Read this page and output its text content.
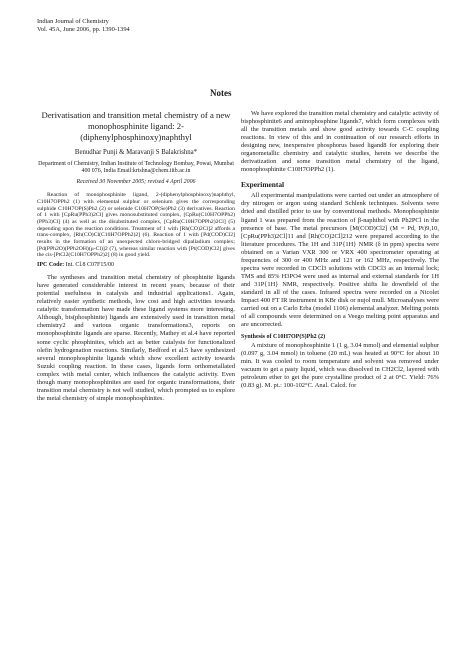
Indian Journal of Chemistry
Vol. 45A, June 2006, pp. 1390-1394
Notes
Derivatisation and transition metal chemistry of a new monophosphinite ligand: 2-(diphenylphosphinoxy)naphthyl
Benudhar Punji & Maravanji S Balakrishna*
Department of Chemistry, Indian Institute of Technology Bombay, Powai, Mumbai 400 076, India Email:krishna@chem.iitb.ac.in
Received 30 November 2005; revised 4 April 2006

Reaction of monophosphinite ligand, 2-(diphenylphosphinoxy)naphthyl, C10H7OPPh2 (1) with elemental sulphur or selenium gives the corresponding sulphide C10H7OP(S)Ph2 (2) or selenide C10H7OP(Se)Ph2 (3) derivatives. Reaction of 1 with [CpRu(PPh3)2Cl] gives monosubstituted complex, [CpRu(C10H7OPPh2)(PPh3)Cl] (4) as well as the disubstituted complex, [CpRu(C10H7OPPh2)2Cl] (5) depending upon the reaction conditions. Treatment of 1 with [Rh(CO)2Cl]2 affords a trans-complex, [Rh(CO)Cl(C10H7OPPh2)2] (6). Reaction of 1 with [Pd(COD)Cl2] results in the formation of an unexpected chloro-bridged dipalladium complex; [Pd(PPh2O)(PPh2OH)(μ-Cl)]2 (7), whereas similar reaction with [Pt(COD)Cl2] gives the cis-[PtCl2(C10H7OPPh2)2] (8) in good yield.

IPC Code: Int. Cl.8 C07F15/00

The syntheses and transition metal chemistry of phosphinite ligands have generated considerable interest in recent years, because of their potential usefulness in catalysis and industrial applications1. Again, relatively easier synthetic methods, low cost and high activities towards catalytic transformation have made these ligand systems more interesting. Although, bis(phosphinite) ligands are extensively used in transition metal chemistry2 and various organic transformations3, reports on monophosphinite ligands are sparse. Recently, Mathey et al.4 have reported some cyclic phosphinites, which act as better catalysts for functionalized olefin hydrogenation reactions. Similarly, Bedford et al.5 have synthesized several monophosphinite ligands which show excellent activity towards Suzuki coupling reaction. In these cases, ligands form orthometallated complex with metal center, which influences the catalytic activity. Even though many monophosphinites are used for organic transformations, their transition metal chemistry is not well studied, which prompted us to explore the metal chemistry of simple monophosphinites.

We have explored the transition metal chemistry and catalytic activity of bisphosphinite6 and aminophosphine ligands7, which form complexes with all the transition metals and show good activity towards C-C coupling reactions. In view of this and in continuation of our research efforts in designing new, inexpensive phosphorus based ligand8 for exploring their organometallic chemistry and catalytic studies, herein we describe the derivatization and some transition metal chemistry of the ligand, monophosphinite C10H7OPPh2 (1).

Experimental

All experimental manipulations were carried out under an atmosphere of dry nitrogen or argon using standard Schlenk techniques. Solvents were dried and distilled prior to use by conventional methods. Monophosphinite ligand 1 was prepared from the reaction of β-naphthol with Ph2PCl in the presence of base. The metal precursors [M(COD)Cl2] (M = Pd, Pt)9,10, [CpRu(PPh3)2Cl]11 and [Rh(CO)2Cl]212 were prepared according to the literature procedures. The 1H and 31P{1H} NMR (δ in ppm) spectra were obtained on a Varian VXR 300 or VRX 400 spectrometer operating at frequencies of 300 or 400 MHz and 121 or 162 MHz, respectively. The spectra were recorded in CDCl3 solutions with CDCl3 as an internal lock; TMS and 85% H3PO4 were used as internal and external standards for 1H and 31P{1H} NMR, respectively. Positive shifts lie downfield of the standard in all of the cases. Infrared spectra were recorded on a Nicolet Impact 400 FT IR instrument in KBr disk or nujol mull. Microanalyses were carried out on a Carlo Erba (model 1106) elemental analyzer. Melting points of all compounds were determined on a Veego melting point apparatus and are uncorrected.

Synthesis of C10H7OP(S)Ph2 (2)

A mixture of monophosphinite 1 (1 g, 3.04 mmol) and elemental sulphur (0.097 g, 3.04 mmol) in toluene (20 mL) was heated at 90°C for about 10 min. It was cooled to room temperature and solvent was removed under vacuum to get a pasty liquid, which was dissolved in CH2Cl2, layered with petroleum ether to get the pure crystalline product of 2 at 0°C. Yield: 76% (0.83 g). M. pt.: 100-102°C. Anal. Calcd. for
